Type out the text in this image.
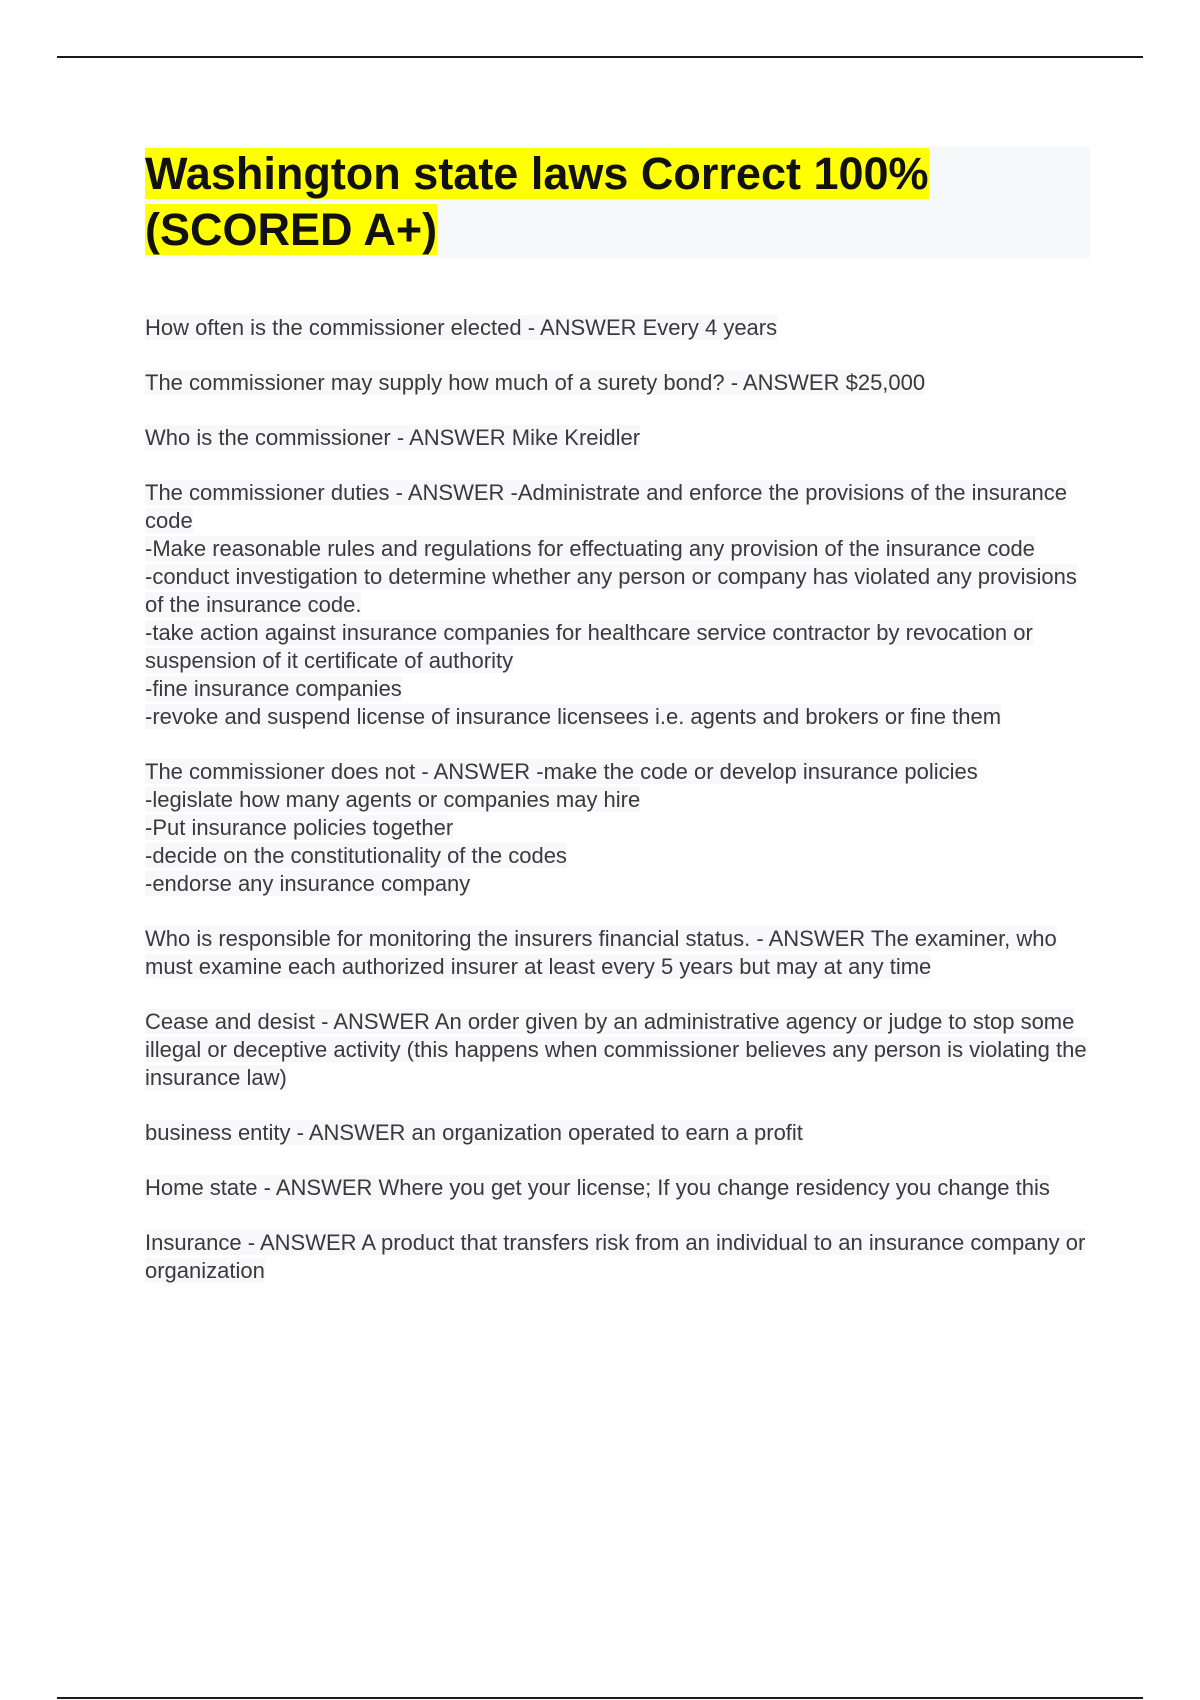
Washington state laws Correct 100% (SCORED A+)
How often is the commissioner elected - ANSWER Every 4 years
The commissioner may supply how much of a surety bond? - ANSWER $25,000
Who is the commissioner - ANSWER Mike Kreidler
The commissioner duties - ANSWER -Administrate and enforce the provisions of the insurance code
-Make reasonable rules and regulations for effectuating any provision of the insurance code
-conduct investigation to determine whether any person or company has violated any provisions of the insurance code.
-take action against insurance companies for healthcare service contractor by revocation or suspension of it certificate of authority
-fine insurance companies
-revoke and suspend license of insurance licensees i.e. agents and brokers or fine them
The commissioner does not - ANSWER -make the code or develop insurance policies
-legislate how many agents or companies may hire
-Put insurance policies together
-decide on the constitutionality of the codes
-endorse any insurance company
Who is responsible for monitoring the insurers financial status. - ANSWER The examiner, who must examine each authorized insurer at least every 5 years but may at any time
Cease and desist - ANSWER An order given by an administrative agency or judge to stop some illegal or deceptive activity (this happens when commissioner believes any person is violating the insurance law)
business entity - ANSWER an organization operated to earn a profit
Home state - ANSWER Where you get your license; If you change residency you change this
Insurance - ANSWER A product that transfers risk from an individual to an insurance company or organization
